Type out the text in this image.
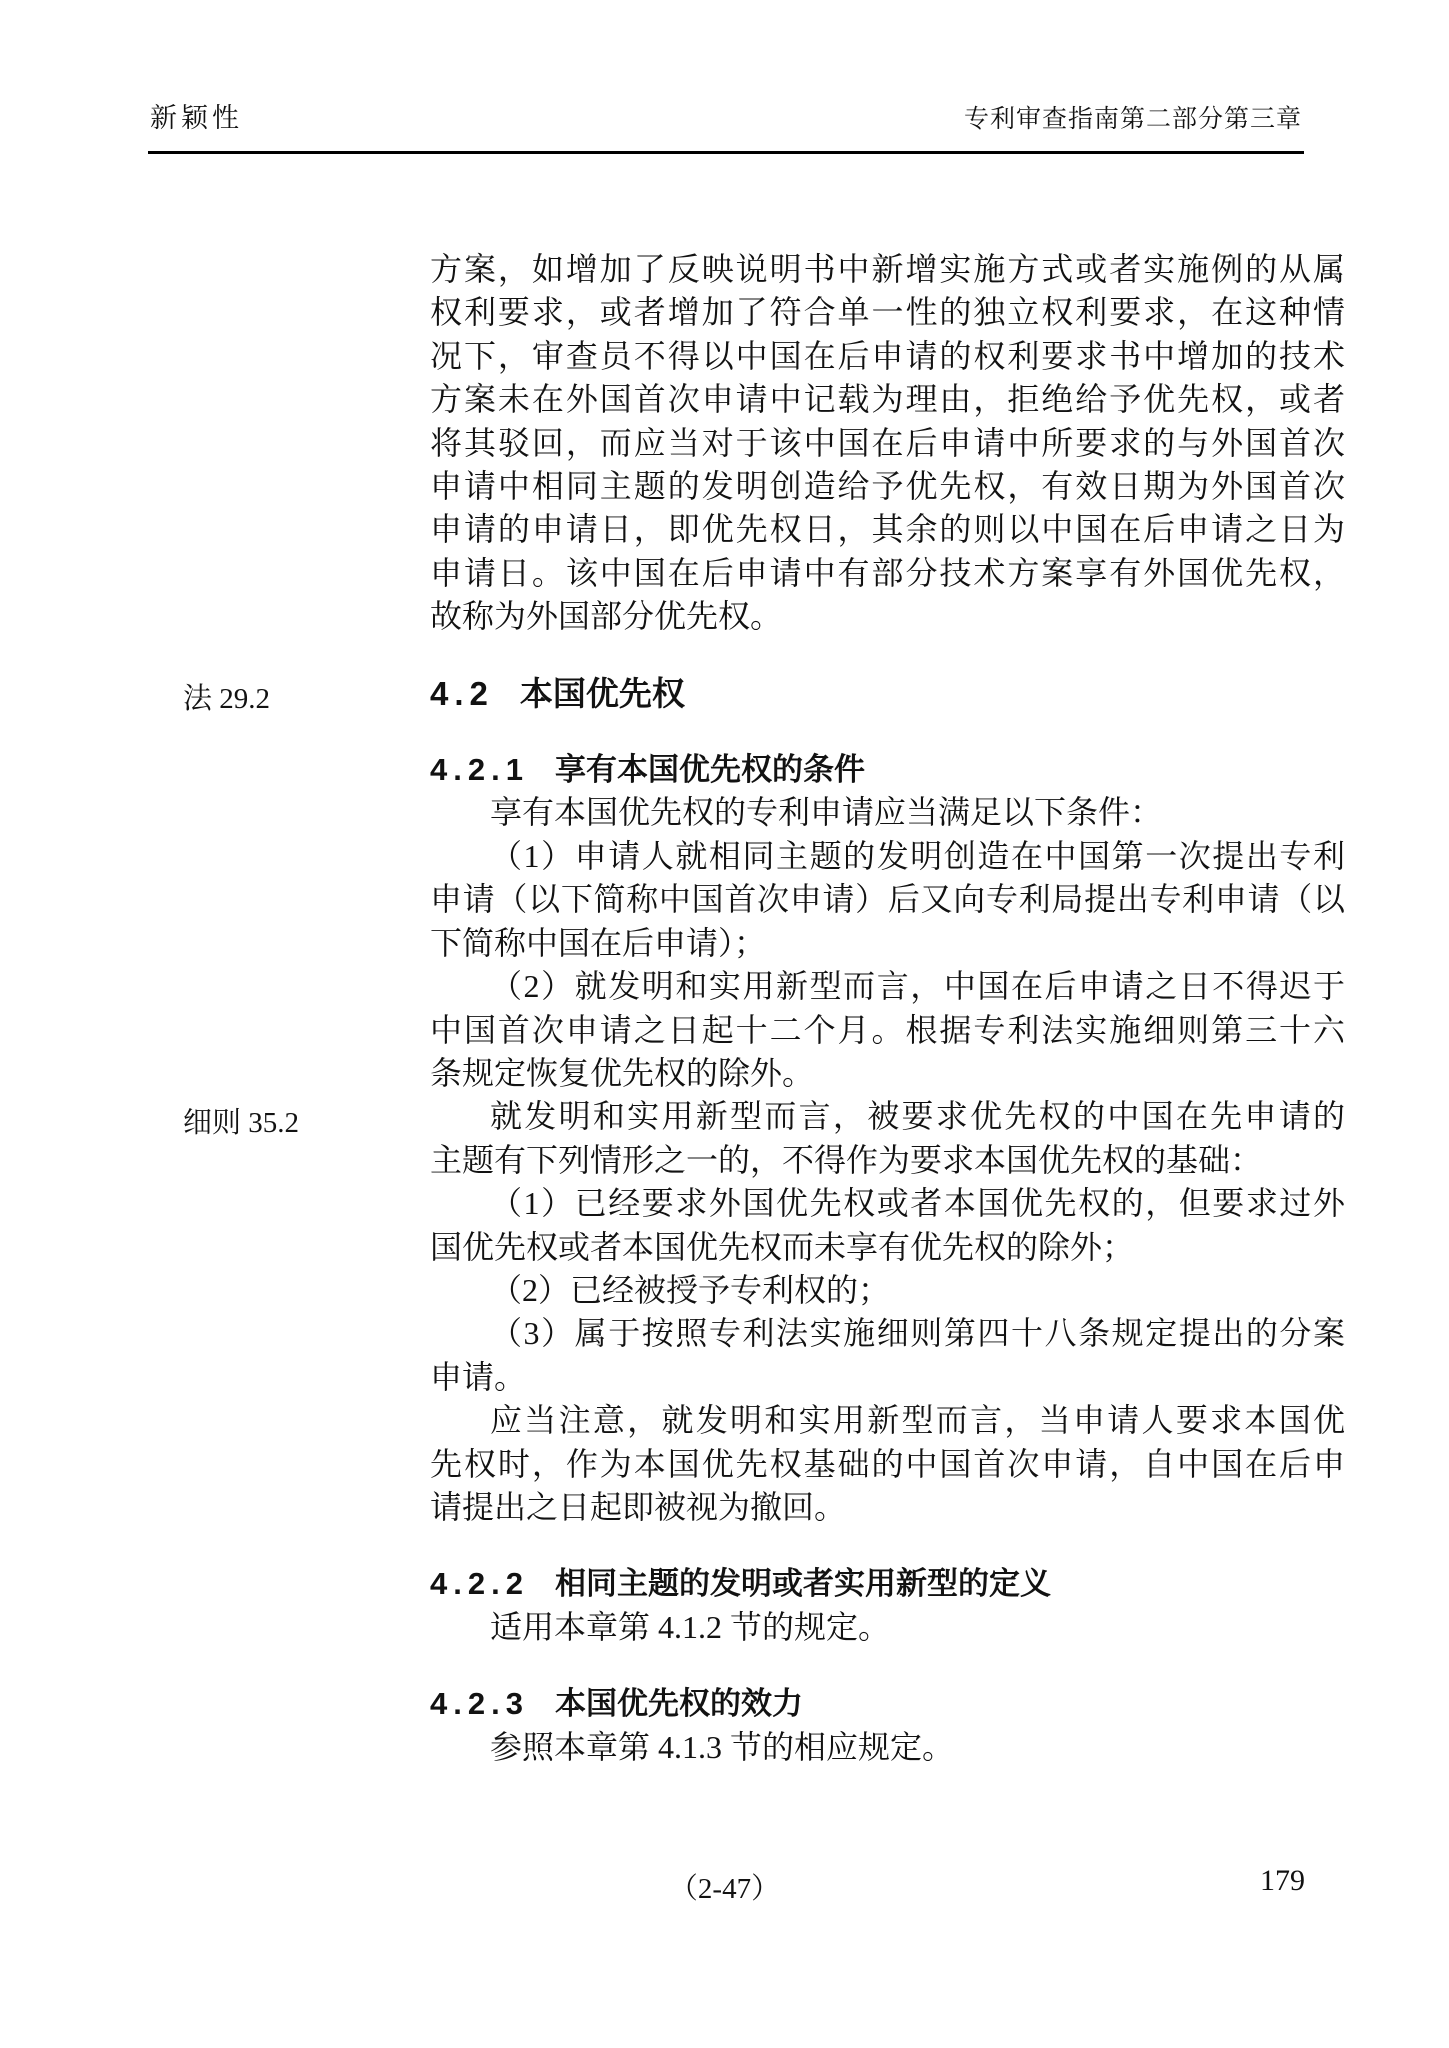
新颖性	专利审查指南第二部分第三章
法 29.2
细则 35.2
方案，如增加了反映说明书中新增实施方式或者实施例的从属
权利要求，或者增加了符合单一性的独立权利要求，在这种情
况下，审查员不得以中国在后申请的权利要求书中增加的技术
方案未在外国首次申请中记载为理由，拒绝给予优先权，或者
将其驳回，而应当对于该中国在后申请中所要求的与外国首次
申请中相同主题的发明创造给予优先权，有效日期为外国首次
申请的申请日，即优先权日，其余的则以中国在后申请之日为
申请日。该中国在后申请中有部分技术方案享有外国优先权，
故称为外国部分优先权。
4.2 本国优先权
4.2.1 享有本国优先权的条件
享有本国优先权的专利申请应当满足以下条件：
（1）申请人就相同主题的发明创造在中国第一次提出专利
申请（以下简称中国首次申请）后又向专利局提出专利申请（以
下简称中国在后申请）；
（2）就发明和实用新型而言，中国在后申请之日不得迟于
中国首次申请之日起十二个月。根据专利法实施细则第三十六
条规定恢复优先权的除外。
就发明和实用新型而言，被要求优先权的中国在先申请的
主题有下列情形之一的，不得作为要求本国优先权的基础：
（1）已经要求外国优先权或者本国优先权的，但要求过外
国优先权或者本国优先权而未享有优先权的除外；
（2）已经被授予专利权的；
（3）属于按照专利法实施细则第四十八条规定提出的分案
申请。
应当注意，就发明和实用新型而言，当申请人要求本国优
先权时，作为本国优先权基础的中国首次申请，自中国在后申
请提出之日起即被视为撤回。
4.2.2 相同主题的发明或者实用新型的定义
适用本章第 4.1.2 节的规定。
4.2.3 本国优先权的效力
参照本章第 4.1.3 节的相应规定。
（2-47）	179
